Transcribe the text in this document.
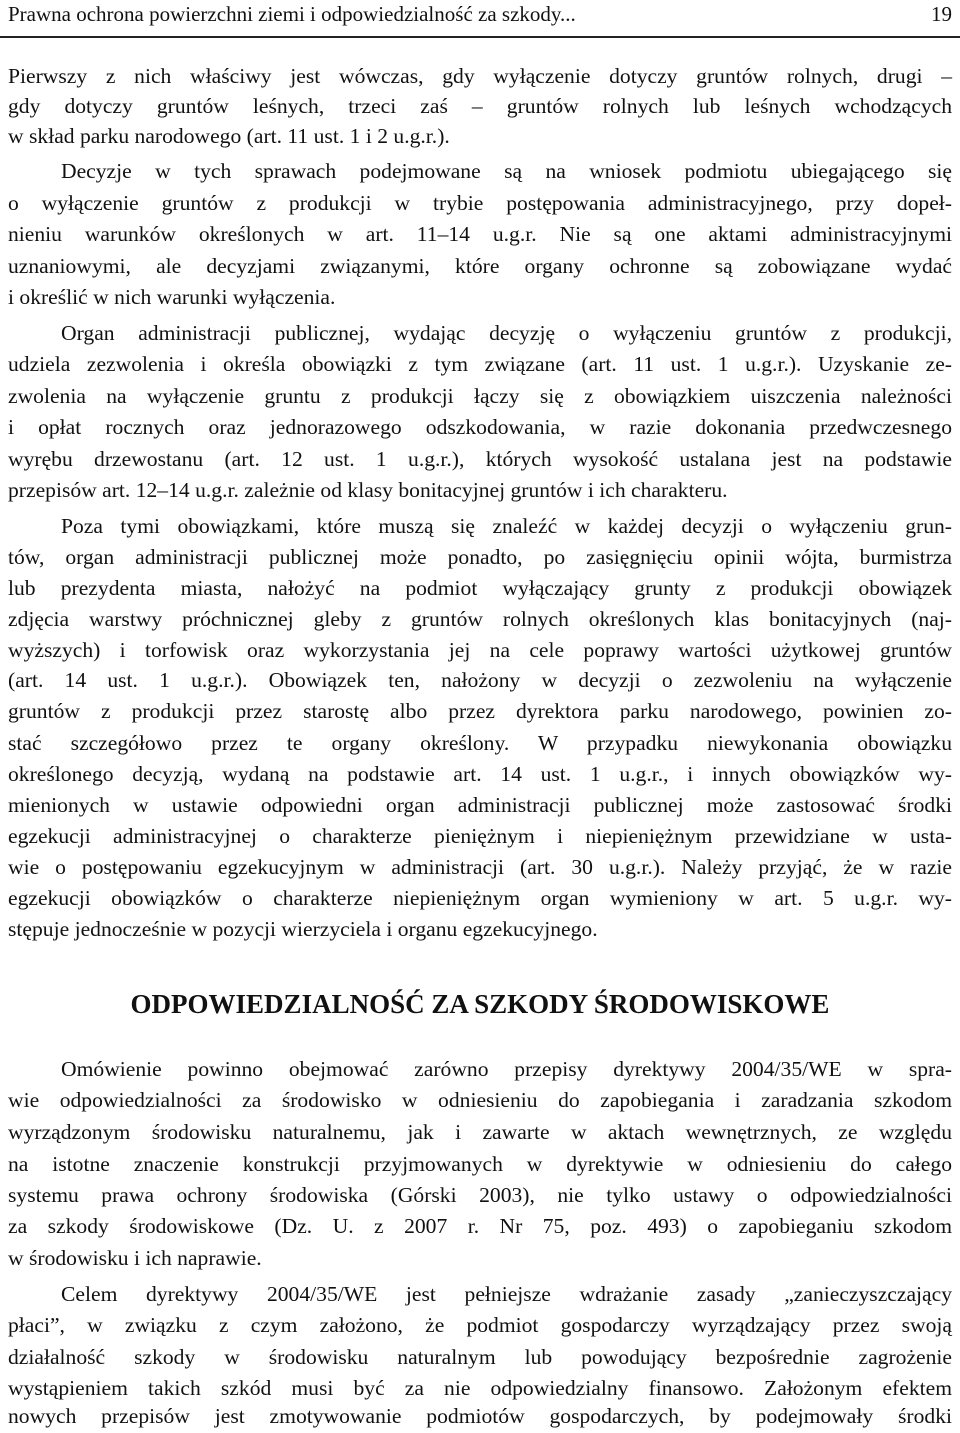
Prawna ochrona powierzchni ziemi i odpowiedzialność za szkody...	19
Pierwszy z nich właściwy jest wówczas, gdy wyłączenie dotyczy gruntów rolnych, drugi –
gdy dotyczy gruntów leśnych, trzeci zaś – gruntów rolnych lub leśnych wchodzących
w skład parku narodowego (art. 11 ust. 1 i 2 u.g.r.).
Decyzje w tych sprawach podejmowane są na wniosek podmiotu ubiegającego się
o wyłączenie gruntów z produkcji w trybie postępowania administracyjnego, przy dopeł-
nieniu warunków określonych w art. 11–14 u.g.r. Nie są one aktami administracyjnymi
uznaniowymi, ale decyzjami związanymi, które organy ochronne są zobowiązane wydać
i określić w nich warunki wyłączenia.
Organ administracji publicznej, wydając decyzję o wyłączeniu gruntów z produkcji,
udziela zezwolenia i określa obowiązki z tym związane (art. 11 ust. 1 u.g.r.). Uzyskanie ze-
zwolenia na wyłączenie gruntu z produkcji łączy się z obowiązkiem uiszczenia należności
i opłat rocznych oraz jednorazowego odszkodowania, w razie dokonania przedwczesnego
wyrębu drzewostanu (art. 12 ust. 1 u.g.r.), których wysokość ustalana jest na podstawie
przepisów art. 12–14 u.g.r. zależnie od klasy bonitacyjnej gruntów i ich charakteru.
Poza tymi obowiązkami, które muszą się znaleźć w każdej decyzji o wyłączeniu grun-
tów, organ administracji publicznej może ponadto, po zasięgnięciu opinii wójta, burmistrza
lub prezydenta miasta, nałożyć na podmiot wyłączający grunty z produkcji obowiązek
zdjęcia warstwy próchnicznej gleby z gruntów rolnych określonych klas bonitacyjnych (naj-
wyższych) i torfowisk oraz wykorzystania jej na cele poprawy wartości użytkowej gruntów
(art. 14 ust. 1 u.g.r.). Obowiązek ten, nałożony w decyzji o zezwoleniu na wyłączenie
gruntów z produkcji przez starostę albo przez dyrektora parku narodowego, powinien zo-
stać szczegółowo przez te organy określony. W przypadku niewykonania obowiązku
określonego decyzją, wydaną na podstawie art. 14 ust. 1 u.g.r., i innych obowiązków wy-
mienionych w ustawie odpowiedni organ administracji publicznej może zastosować środki
egzekucji administracyjnej o charakterze pieniężnym i niepieniężnym przewidziane w usta-
wie o postępowaniu egzekucyjnym w administracji (art. 30 u.g.r.). Należy przyjąć, że w razie
egzekucji obowiązków o charakterze niepieniężnym organ wymieniony w art. 5 u.g.r. wy-
stępuje jednocześnie w pozycji wierzyciela i organu egzekucyjnego.
ODPOWIEDZIALNOŚĆ ZA SZKODY ŚRODOWISKOWE
Omówienie powinno obejmować zarówno przepisy dyrektywy 2004/35/WE w spra-
wie odpowiedzialności za środowisko w odniesieniu do zapobiegania i zaradzania szkodom
wyrządzonym środowisku naturalnemu, jak i zawarte w aktach wewnętrznych, ze względu
na istotne znaczenie konstrukcji przyjmowanych w dyrektywie w odniesieniu do całego
systemu prawa ochrony środowiska (Górski 2003), nie tylko ustawy o odpowiedzialności
za szkody środowiskowe (Dz. U. z 2007 r. Nr 75, poz. 493) o zapobieganiu szkodom
w środowisku i ich naprawie.
Celem dyrektywy 2004/35/WE jest pełniejsze wdrażanie zasady „zanieczyszczający
płaci”, w związku z czym założono, że podmiot gospodarczy wyrządzający przez swoją
działalność szkody w środowisku naturalnym lub powodujący bezpośrednie zagrożenie
wystąpieniem takich szkód musi być za nie odpowiedzialny finansowo. Założonym efektem
nowych przepisów jest zmotywowanie podmiotów gospodarczych, by podejmowały środki
